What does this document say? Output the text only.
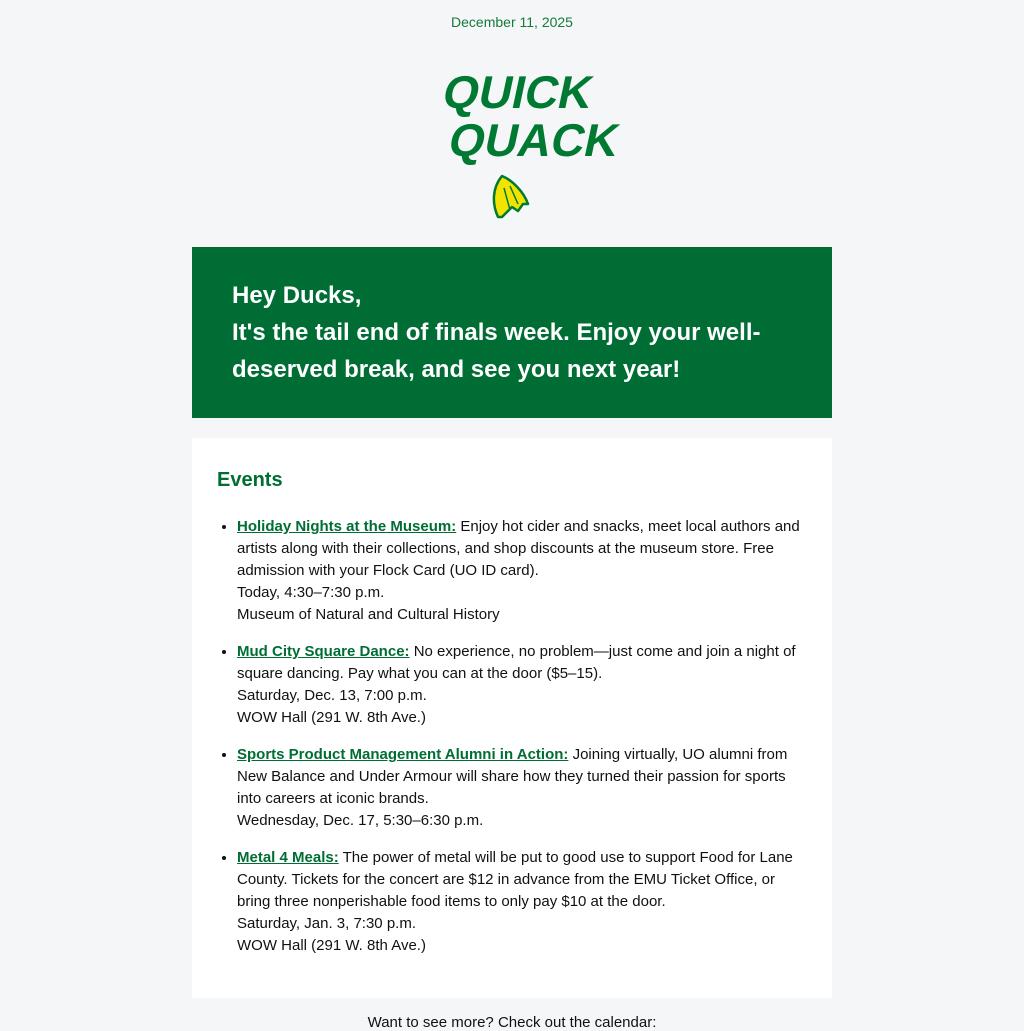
December 11, 2025
QUICK
QUACK

Hey Ducks,

It's the tail end of finals week. Enjoy your well-deserved break, and see you next year!

Events
• Holiday Nights at the Museum: Enjoy hot cider and snacks, meet local authors and artists along with their collections, and shop discounts at the museum store. Free admission with your Flock Card (UO ID card).
Today, 4:30–7:30 p.m.
Museum of Natural and Cultural History
• Mud City Square Dance: No experience, no problem—just come and join a night of square dancing. Pay what you can at the door ($5–15).
Saturday, Dec. 13, 7:00 p.m.
WOW Hall (291 W. 8th Ave.)
• Sports Product Management Alumni in Action: Joining virtually, UO alumni from New Balance and Under Armour will share how they turned their passion for sports into careers at iconic brands.
Wednesday, Dec. 17, 5:30–6:30 p.m.
• Metal 4 Meals: The power of metal will be put to good use to support Food for Lane County. Tickets for the concert are $12 in advance from the EMU Ticket Office, or bring three nonperishable food items to only pay $10 at the door.
Saturday, Jan. 3, 7:30 p.m.
WOW Hall (291 W. 8th Ave.)
Want to see more? Check out the calendar:
